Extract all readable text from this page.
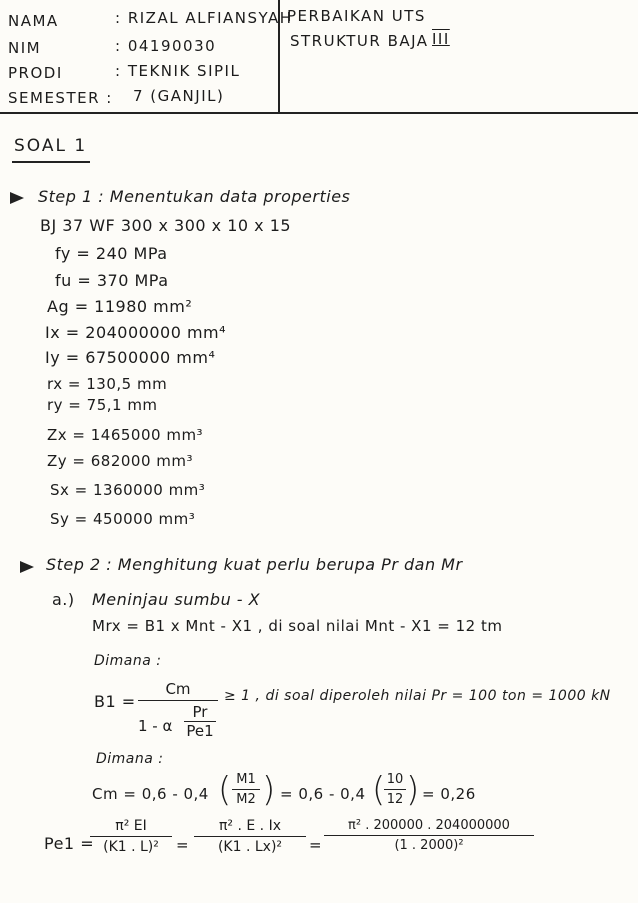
NAMA	: RIZAL ALFIANSYAH
NIM	: 04190030
PRODI	: TEKNIK SIPIL
SEMESTER : 7 (GANJIL)
PERBAIKAN UTS
STRUKTUR BAJA III
SOAL 1
Step 1 : Menentukan data properties
BJ 37 WF 300 x 300 x 10 x 15
fy = 240 MPa
fu = 370 MPa
Ag = 11980 mm²
Ix = 204000000 mm⁴
Iy = 67500000 mm⁴
rx = 130,5 mm
ry = 75,1 mm
Zx = 1465000 mm³
Zy = 682000 mm³
Sx = 1360000 mm³
Sy = 450000 mm³
Step 2 : Menghitung kuat perlu berupa Pr dan Mr
a.) Meninjau sumbu - X
Mrx = B1 x Mnt - X1 , di soal nilai Mnt - X1 = 12 tm
Dimana :
B1 =
Cm
1 - α
Pr
Pe1
≥ 1 , di soal diperoleh nilai Pr = 100 ton = 1000 kN
Dimana :
Cm = 0,6 - 0,4 ( M1
M2 ) = 0,6 - 0,4 ( 10
12 ) = 0,26
Pe1 =
π² EI
(K1 . L)²	=
π² . E . Ix
(K1 . Lx)²	=
π² . 200000 . 204000000
(1 . 2000)²
